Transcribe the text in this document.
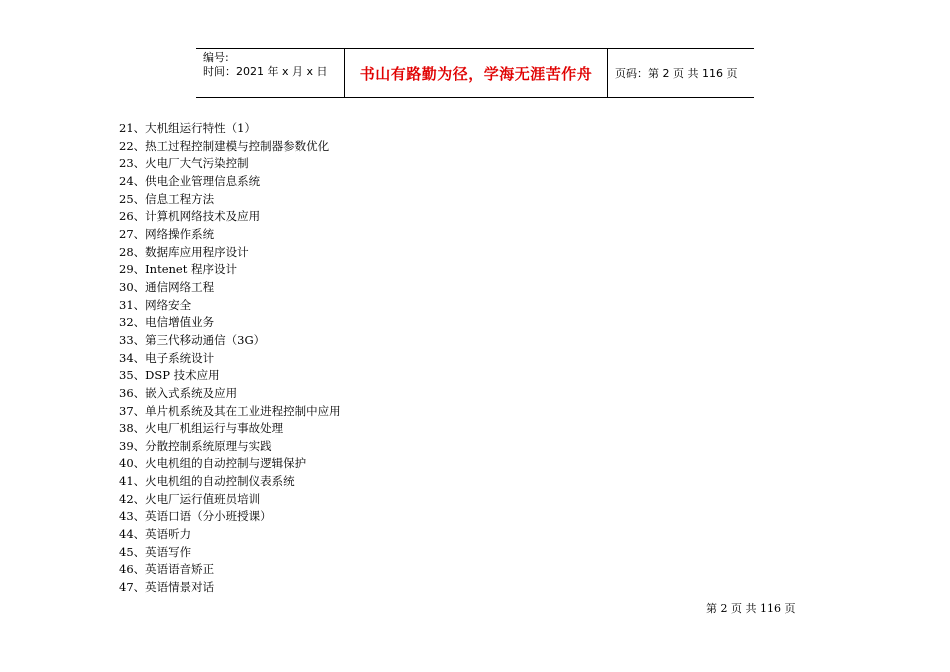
编号:
时间：2021 年 x 月 x 日	书山有路勤为径，学海无涯苦作舟	页码：第 2 页 共 116 页
21、大机组运行特性（1）
22、热工过程控制建模与控制器参数优化
23、火电厂大气污染控制
24、供电企业管理信息系统
25、信息工程方法
26、计算机网络技术及应用
27、网络操作系统
28、数据库应用程序设计
29、Intenet 程序设计
30、通信网络工程
31、网络安全
32、电信增值业务
33、第三代移动通信（3G）
34、电子系统设计
35、DSP 技术应用
36、嵌入式系统及应用
37、单片机系统及其在工业进程控制中应用
38、火电厂机组运行与事故处理
39、分散控制系统原理与实践
40、火电机组的自动控制与逻辑保护
41、火电机组的自动控制仪表系统
42、火电厂运行值班员培训
43、英语口语（分小班授课）
44、英语听力
45、英语写作
46、英语语音矫正
47、英语情景对话
第 2 页 共 116 页
